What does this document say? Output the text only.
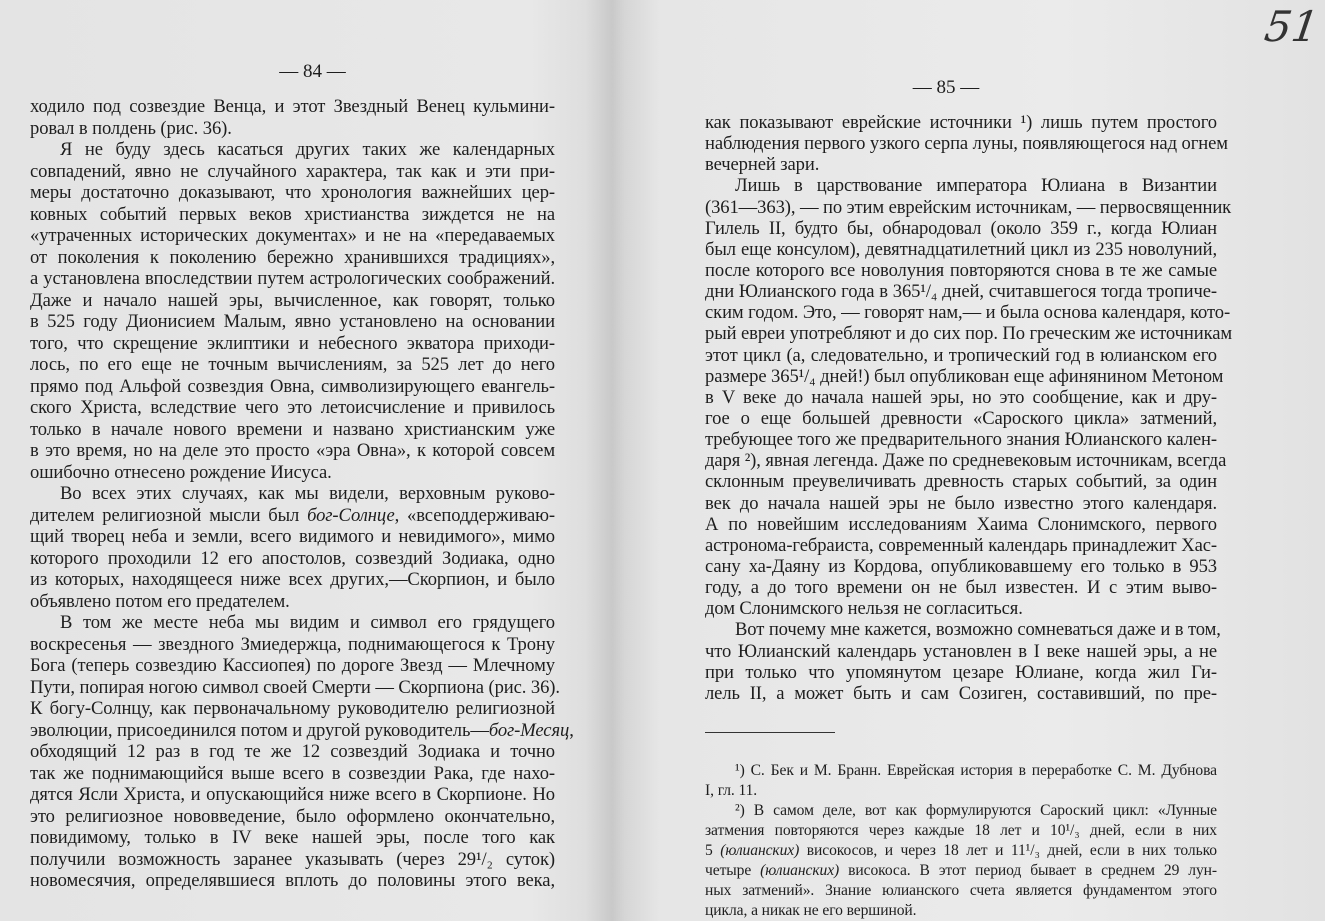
51
— 84 —
ходило под созвездие Венца, и этот Звездный Венец кульмини-
ровал в полдень (рис. 36).
Я не буду здесь касаться других таких же календарных
совпадений, явно не случайного характера, так как и эти при-
меры достаточно доказывают, что хронология важнейших цер-
ковных событий первых веков христианства зиждется не на
«утраченных исторических документах» и не на «передаваемых
от поколения к поколению бережно хранившихся традициях»,
а установлена впоследствии путем астрологических соображений.
Даже и начало нашей эры, вычисленное, как говорят, только
в 525 году Дионисием Малым, явно установлено на основании
того, что скрещение эклиптики и небесного экватора приходи-
лось, по его еще не точным вычислениям, за 525 лет до него
прямо под Альфой созвездия Овна, символизирующего евангель-
ского Христа, вследствие чего это летоисчисление и привилось
только в начале нового времени и названо христианским уже
в это время, но на деле это просто «эра Овна», к которой совсем
ошибочно отнесено рождение Иисуса.
Во всех этих случаях, как мы видели, верховным руково-
дителем религиозной мысли был бог-Солнце, «всеподдерживаю-
щий творец неба и земли, всего видимого и невидимого», мимо
которого проходили 12 его апостолов, созвездий Зодиака, одно
из которых, находящееся ниже всех других,—Скорпион, и было
объявлено потом его предателем.
В том же месте неба мы видим и символ его грядущего
воскресенья — звездного Змиедержца, поднимающегося к Трону
Бога (теперь созвездию Кассиопея) по дороге Звезд — Млечному
Пути, попирая ногою символ своей Смерти — Скорпиона (рис. 36).
К богу-Солнцу, как первоначальному руководителю религиозной
эволюции, присоединился потом и другой руководитель—бог-Месяц,
обходящий 12 раз в год те же 12 созвездий Зодиака и точно
так же поднимающийся выше всего в созвездии Рака, где нахо-
дятся Ясли Христа, и опускающийся ниже всего в Скорпионе. Но
это религиозное нововведение, было оформлено окончательно,
повидимому, только в IV веке нашей эры, после того как
получили возможность заранее указывать (через 29¹/₂ суток)
новомесячия, определявшиеся вплоть до половины этого века,
— 85 —
как показывают еврейские источники ¹) лишь путем простого
наблюдения первого узкого серпа луны, появляющегося над огнем
вечерней зари.
Лишь в царствование императора Юлиана в Византии
(361—363), — по этим еврейским источникам, — первосвященник
Гилель II, будто бы, обнародовал (около 359 г., когда Юлиан
был еще консулом), девятнадцатилетний цикл из 235 новолуний,
после которого все новолуния повторяются снова в те же самые
дни Юлианского года в 365¹/₄ дней, считавшегося тогда тропиче-
ским годом. Это, — говорят нам,— и была основа календаря, кото-
рый евреи употребляют и до сих пор. По греческим же источникам
этот цикл (а, следовательно, и тропический год в юлианском его
размере 365¹/₄ дней!) был опубликован еще афинянином Метоном
в V веке до начала нашей эры, но это сообщение, как и дру-
гое о еще большей древности «Сароского цикла» затмений,
требующее того же предварительного знания Юлианского кален-
даря ²), явная легенда. Даже по средневековым источникам, всегда
склонным преувеличивать древность старых событий, за один
век до начала нашей эры не было известно этого календаря.
А по новейшим исследованиям Хаима Слонимского, первого
астронома-гебраиста, современный календарь принадлежит Хас-
сану ха-Даяну из Кордова, опубликовавшему его только в 953
году, а до того времени он не был известен. И с этим выво-
дом Слонимского нельзя не согласиться.
Вот почему мне кажется, возможно сомневаться даже и в том,
что Юлианский календарь установлен в I веке нашей эры, а не
при только что упомянутом цезаре Юлиане, когда жил Ги-
лель II, а может быть и сам Созиген, составивший, по пре-
¹) С. Бек и М. Бранн. Еврейская история в переработке С. М. Дубнова
I, гл. 11.
²) В самом деле, вот как формулируются Сароский цикл: «Лунные
затмения повторяются через каждые 18 лет и 10¹/₃ дней, если в них
5 (юлианских) високосов, и через 18 лет и 11¹/₃ дней, если в них только
четыре (юлианских) високоса. В этот период бывает в среднем 29 лун-
ных затмений». Знание юлианского счета является фундаментом этого
цикла, а никак не его вершиной.
